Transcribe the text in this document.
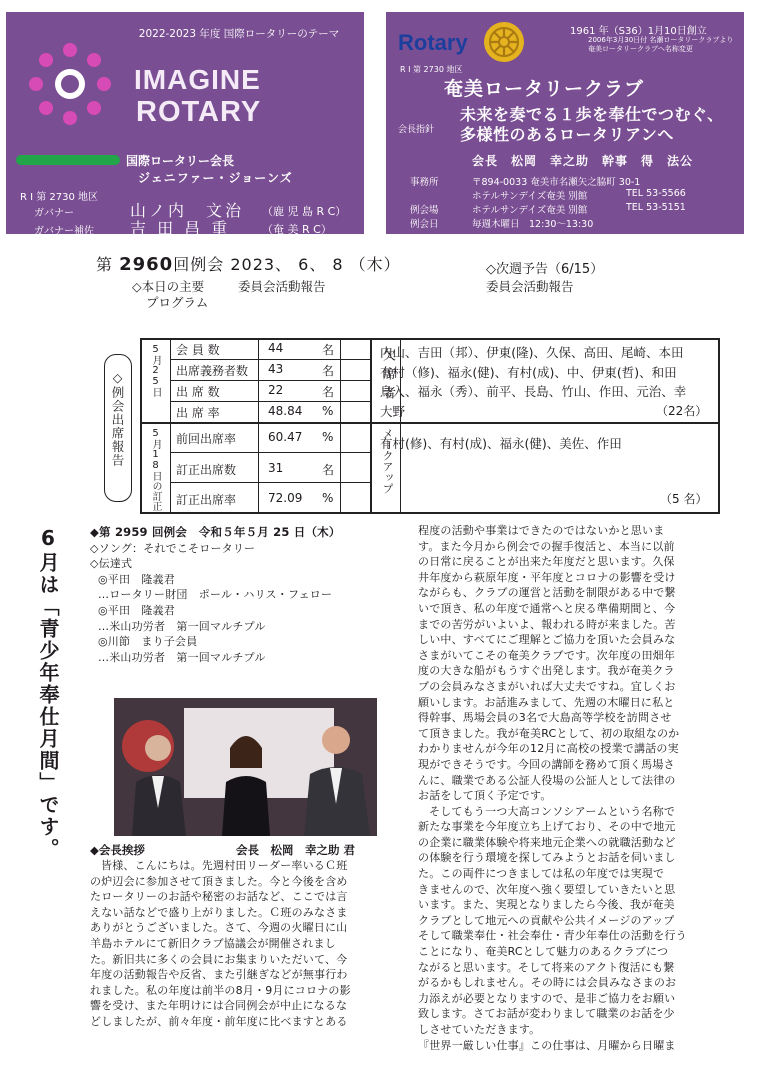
2022-2023 年度 国際ロータリーのテーマ
IMAGINE
ROTARY
国際ロータリー会長
ジェニファー・ジョーンズ
R I 第 2730 地区
ガバナー	山ノ内　文治 （鹿 児 島 R C）
ガバナー補佐 吉 田 昌 重	（奄 美 R C）
Rotary	1961 年（S36）1月10日創立
2006年3月30日付 名瀬ロータリークラブより
奄美ロータリークラブへ名称変更
R I 第 2730 地区
奄美ロータリークラブ
会長指針
未来を奏でる１歩を奉仕でつむぐ、
多様性のあるロータリアンへ
会長　松岡　幸之助　幹事　得　法公
事務所	〒894-0033 奄美市名瀬矢之脇町 30-1
ホテルサンデイズ奄美 別館	TEL 53-5566
例会場	ホテルサンデイズ奄美 別館	TEL 53-5151
例会日	毎週木曜日　12:30～13:30
第 2960回例会 2023、 6、 8 （木）
◇本日の主要
プログラム
委員会活動報告
◇次週予告（6/15）
委員会活動報告
◇例会出席報告	5月25日
5月18日の訂正
会 員 数	44	名
出席義務者数 43	名
出 席 数	22	名
出 席 率	48.84 %
前回出席率	60.47 %
訂正出席数	31	名
訂正出席率	72.09 %
欠席者
メークアップ
内山、吉田（邦）、伊東(隆)、久保、高田、尾崎、本田
有村（修)、福永(健)、有村(成)、中、伊東(哲)、和田
鳥入、福永（秀）、前平、長島、竹山、作田、元治、幸
大野	（22名）
有村(修)、有村(成)、福永(健)、美佐、作田
（5 名）
6月は「青少年奉仕月間」です。	◆第 2959 回例会　令和５年５月 25 日（木）
◇ソング：それでこそロータリー
◇伝達式
◎平田　隆義君
…ロータリー財団　ポール・ハリス・フェロー
◎平田　隆義君
…米山功労者　第一回マルチプル
◎川節　まり子会員
…米山功労者　第一回マルチプル
◆会長挨拶	会長　松岡　幸之助 君
皆様、こんにちは。先週村田リーダー率いるＣ班
の炉辺会に参加させて頂きました。今と今後を含め
たロータリーのお話や秘密のお話など、ここでは言
えない話などで盛り上がりました。Ｃ班のみなさま
ありがとうございました。さて、今週の火曜日に山
羊島ホテルにて新旧クラブ協議会が開催されまし
た。新旧共に多くの会員にお集まりいただいて、今
年度の活動報告や反省、また引継ぎなどが無事行わ
れました。私の年度は前半の8月・9月にコロナの影
響を受け、また年明けには合同例会が中止になるな
どしましたが、前々年度・前年度に比べますとある
程度の活動や事業はできたのではないかと思いま
す。また今月から例会での握手復活と、本当に以前
の日常に戻ることが出来た年度だと思います。久保
井年度から萩原年度・平年度とコロナの影響を受け
ながらも、クラブの運営と活動を制限がある中で繋
いで頂き、私の年度で通常へと戻る準備期間と、今
までの苦労がいよいよ、報われる時が来ました。苦
しい中、すべてにご理解とご協力を頂いた会員みな
さまがいてこその奄美クラブです。次年度の田畑年
度の大きな船がもうすぐ出発します。我が奄美クラ
ブの会員みなさまがいれば大丈夫ですね。宜しくお
願いします。お話進みまして、先週の木曜日に私と
得幹事、馬場会員の3名で大島高等学校を訪問させ
て頂きました。我が奄美RCとして、初の取組なのか
わかりませんが今年の12月に高校の授業で講話の実
現ができそうです。今回の講師を務めて頂く馬場さ
んに、職業である公証人役場の公証人として法律の
お話をして頂く予定です。
そしてもう一つ大高コンソシアームという名称で
新たな事業を今年度立ち上げており、その中で地元
の企業に職業体験や将来地元企業への就職活動など
の体験を行う環境を探してみようとお話を伺いまし
た。この両件につきましては私の年度では実現で
きませんので、次年度へ強く要望していきたいと思
います。また、実現となりましたら今後、我が奄美
クラブとして地元への貢献や公共イメージのアップ
そして職業奉仕・社会奉仕・青少年奉仕の活動を行う
ことになり、奄美RCとして魅力のあるクラブにつ
ながると思います。そして将来のアクト復活にも繋
がるかもしれません。その時には会員みなさまのお
力添えが必要となりますので、是非ご協力をお願い
致します。さてお話が変わりまして職業のお話を少
しさせていただきます。
『世界一厳しい仕事』この仕事は、月曜から日曜ま
